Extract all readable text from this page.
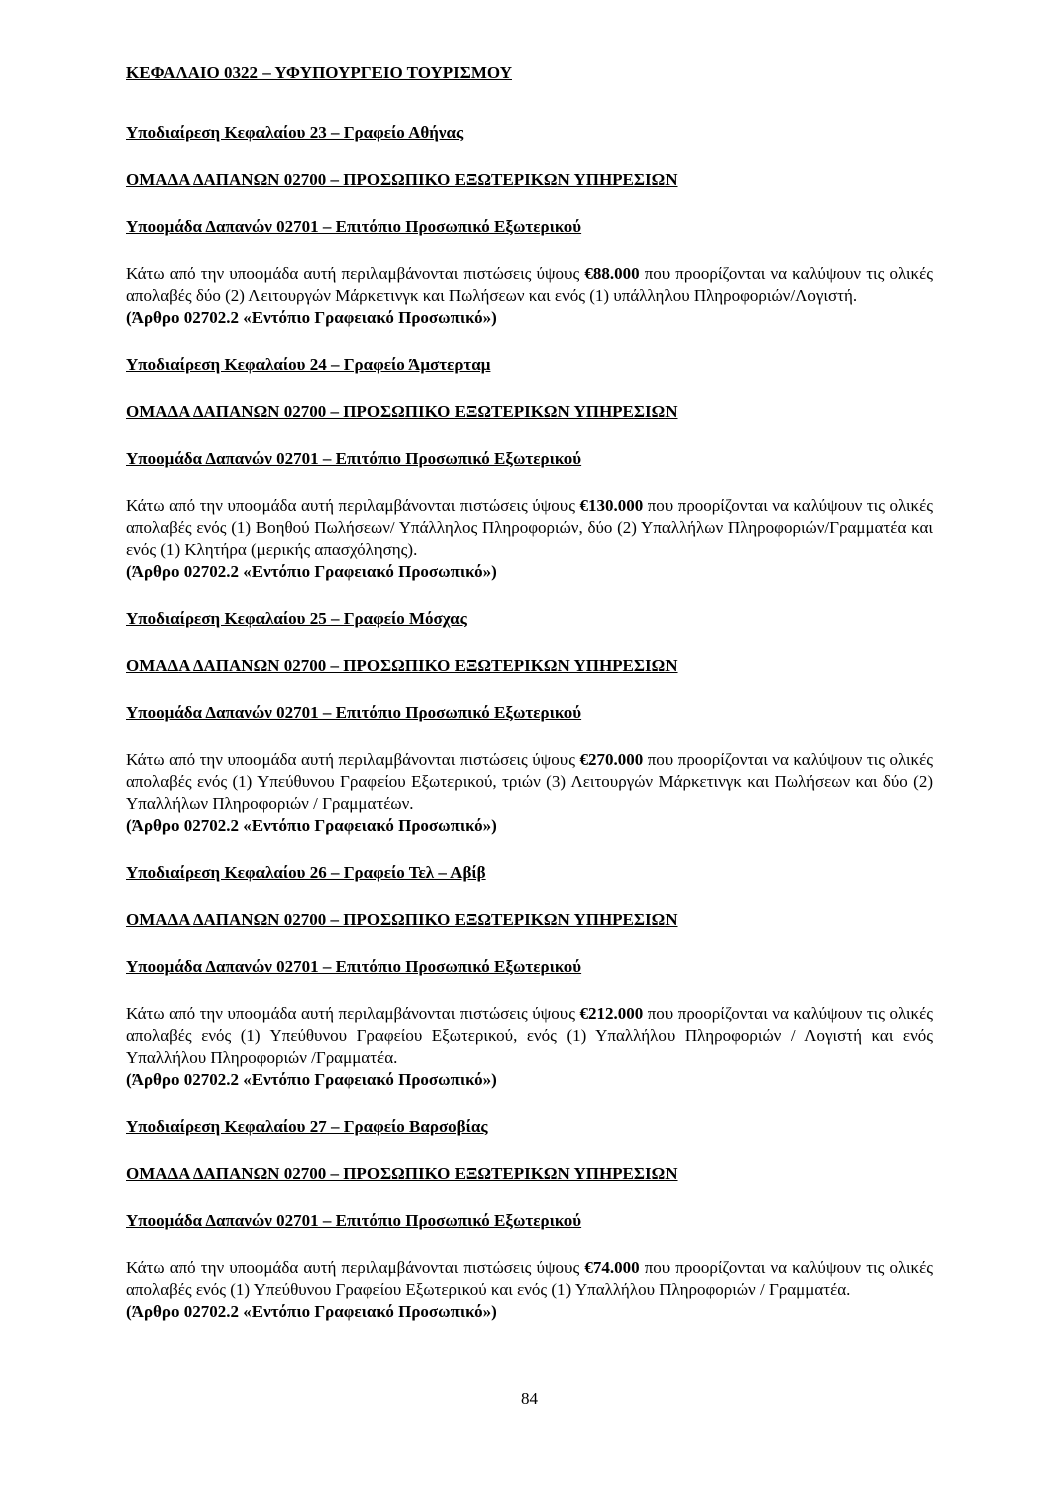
ΚΕΦΑΛΑΙΟ 0322 – ΥΦΥΠΟΥΡΓΕΙΟ ΤΟΥΡΙΣΜΟΥ

Υποδιαίρεση Κεφαλαίου 23 – Γραφείο Αθήνας

ΟΜΑΔΑ ΔΑΠΑΝΩΝ 02700 – ΠΡΟΣΩΠΙΚΟ ΕΞΩΤΕΡΙΚΩΝ ΥΠΗΡΕΣΙΩΝ

Υποομάδα Δαπανών 02701 – Επιτόπιο Προσωπικό Εξωτερικού

Κάτω από την υποομάδα αυτή περιλαμβάνονται πιστώσεις ύψους €88.000 που προορίζονται να καλύψουν τις ολικές απολαβές δύο (2) Λειτουργών Μάρκετινγκ και Πωλήσεων και ενός (1) υπάλληλου Πληροφοριών/Λογιστή.

(Άρθρο 02702.2 «Εντόπιο Γραφειακό Προσωπικό»)

Υποδιαίρεση Κεφαλαίου 24 – Γραφείο Άμστερταμ

ΟΜΑΔΑ ΔΑΠΑΝΩΝ 02700 – ΠΡΟΣΩΠΙΚΟ ΕΞΩΤΕΡΙΚΩΝ ΥΠΗΡΕΣΙΩΝ

Υποομάδα Δαπανών 02701 – Επιτόπιο Προσωπικό Εξωτερικού

Κάτω από την υποομάδα αυτή περιλαμβάνονται πιστώσεις ύψους €130.000 που προορίζονται να καλύψουν τις ολικές απολαβές ενός (1) Βοηθού Πωλήσεων/ Υπάλληλος Πληροφοριών, δύο (2) Υπαλλήλων Πληροφοριών/Γραμματέα και ενός (1) Κλητήρα (μερικής απασχόλησης).

(Άρθρο 02702.2 «Εντόπιο Γραφειακό Προσωπικό»)

Υποδιαίρεση Κεφαλαίου 25 – Γραφείο Μόσχας

ΟΜΑΔΑ ΔΑΠΑΝΩΝ 02700 – ΠΡΟΣΩΠΙΚΟ ΕΞΩΤΕΡΙΚΩΝ ΥΠΗΡΕΣΙΩΝ

Υποομάδα Δαπανών 02701 – Επιτόπιο Προσωπικό Εξωτερικού

Κάτω από την υποομάδα αυτή περιλαμβάνονται πιστώσεις ύψους €270.000 που προορίζονται να καλύψουν τις ολικές απολαβές ενός (1) Υπεύθυνου Γραφείου Εξωτερικού, τριών (3) Λειτουργών Μάρκετινγκ και Πωλήσεων και δύο (2) Υπαλλήλων Πληροφοριών / Γραμματέων.

(Άρθρο 02702.2 «Εντόπιο Γραφειακό Προσωπικό»)

Υποδιαίρεση Κεφαλαίου 26 – Γραφείο Τελ – Αβίβ

ΟΜΑΔΑ ΔΑΠΑΝΩΝ 02700 – ΠΡΟΣΩΠΙΚΟ ΕΞΩΤΕΡΙΚΩΝ ΥΠΗΡΕΣΙΩΝ

Υποομάδα Δαπανών 02701 – Επιτόπιο Προσωπικό Εξωτερικού

Κάτω από την υποομάδα αυτή περιλαμβάνονται πιστώσεις ύψους €212.000 που προορίζονται να καλύψουν τις ολικές απολαβές ενός (1) Υπεύθυνου Γραφείου Εξωτερικού, ενός (1) Υπαλλήλου Πληροφοριών / Λογιστή και ενός Υπαλλήλου Πληροφοριών /Γραμματέα.

(Άρθρο 02702.2 «Εντόπιο Γραφειακό Προσωπικό»)

Υποδιαίρεση Κεφαλαίου 27 – Γραφείο Βαρσοβίας

ΟΜΑΔΑ ΔΑΠΑΝΩΝ 02700 – ΠΡΟΣΩΠΙΚΟ ΕΞΩΤΕΡΙΚΩΝ ΥΠΗΡΕΣΙΩΝ

Υποομάδα Δαπανών 02701 – Επιτόπιο Προσωπικό Εξωτερικού

Κάτω από την υποομάδα αυτή περιλαμβάνονται πιστώσεις ύψους €74.000 που προορίζονται να καλύψουν τις ολικές απολαβές ενός (1) Υπεύθυνου Γραφείου Εξωτερικού και ενός (1) Υπαλλήλου Πληροφοριών / Γραμματέα.

(Άρθρο 02702.2 «Εντόπιο Γραφειακό Προσωπικό»)

84
